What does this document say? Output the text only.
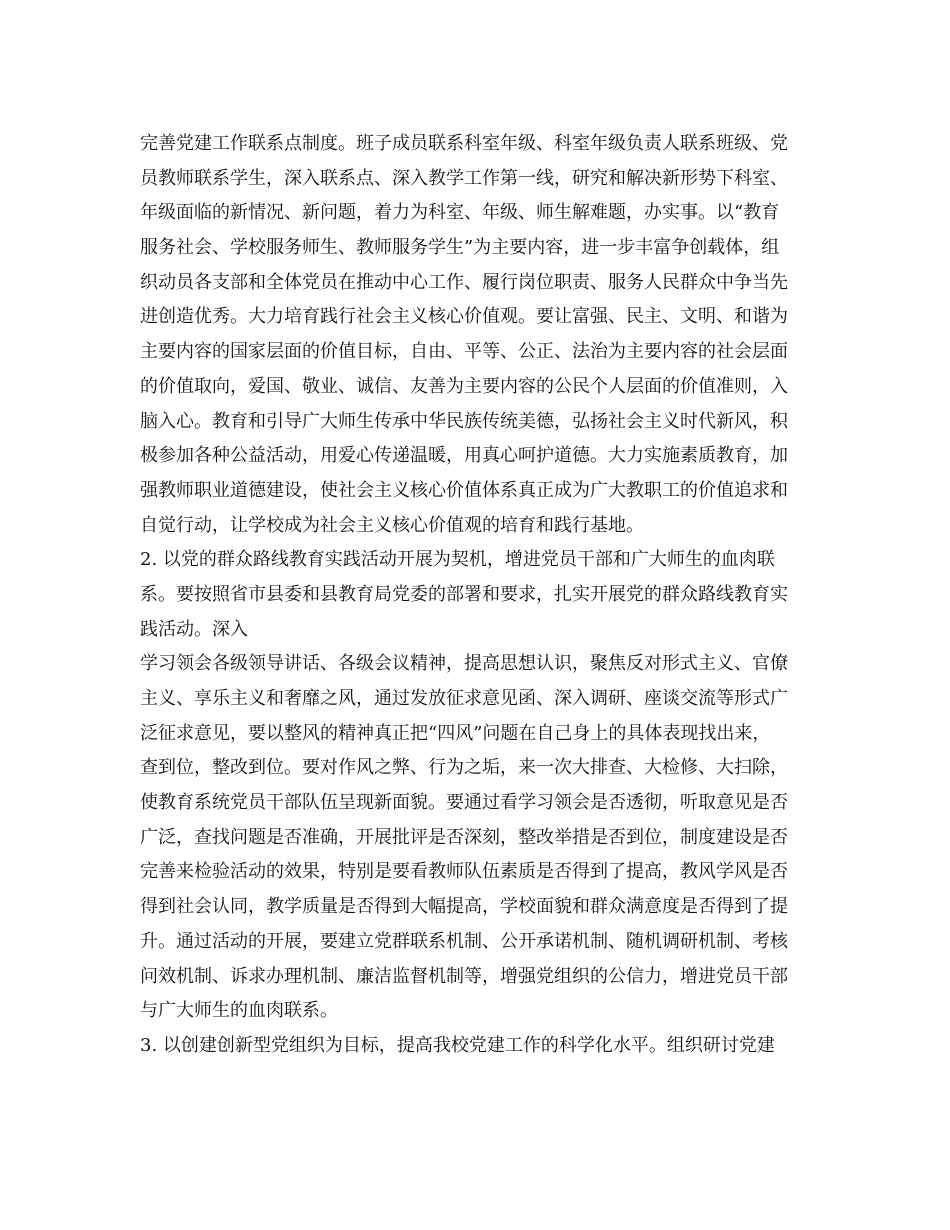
完善党建工作联系点制度。班子成员联系科室年级、科室年级负责人联系班级、党
员教师联系学生，深入联系点、深入教学工作第一线，研究和解决新形势下科室、
年级面临的新情况、新问题，着力为科室、年级、师生解难题，办实事。以“教育
服务社会、学校服务师生、教师服务学生”为主要内容，进一步丰富争创载体，组
织动员各支部和全体党员在推动中心工作、履行岗位职责、服务人民群众中争当先
进创造优秀。大力培育践行社会主义核心价值观。要让富强、民主、文明、和谐为
主要内容的国家层面的价值目标，自由、平等、公正、法治为主要内容的社会层面
的价值取向，爱国、敬业、诚信、友善为主要内容的公民个人层面的价值准则，入
脑入心。教育和引导广大师生传承中华民族传统美德，弘扬社会主义时代新风，积
极参加各种公益活动，用爱心传递温暖，用真心呵护道德。大力实施素质教育，加
强教师职业道德建设，使社会主义核心价值体系真正成为广大教职工的价值追求和
自觉行动，让学校成为社会主义核心价值观的培育和践行基地。
2. 以党的群众路线教育实践活动开展为契机，增进党员干部和广大师生的血肉联
系。要按照省市县委和县教育局党委的部署和要求，扎实开展党的群众路线教育实
践活动。深入
学习领会各级领导讲话、各级会议精神，提高思想认识，聚焦反对形式主义、官僚
主义、享乐主义和奢靡之风，通过发放征求意见函、深入调研、座谈交流等形式广
泛征求意见，要以整风的精神真正把“四风”问题在自己身上的具体表现找出来，
查到位，整改到位。要对作风之弊、行为之垢，来一次大排查、大检修、大扫除，
使教育系统党员干部队伍呈现新面貌。要通过看学习领会是否透彻，听取意见是否
广泛，查找问题是否准确，开展批评是否深刻，整改举措是否到位，制度建设是否
完善来检验活动的效果，特别是要看教师队伍素质是否得到了提高，教风学风是否
得到社会认同，教学质量是否得到大幅提高，学校面貌和群众满意度是否得到了提
升。通过活动的开展，要建立党群联系机制、公开承诺机制、随机调研机制、考核
问效机制、诉求办理机制、廉洁监督机制等，增强党组织的公信力，增进党员干部
与广大师生的血肉联系。
3. 以创建创新型党组织为目标，提高我校党建工作的科学化水平。组织研讨党建
